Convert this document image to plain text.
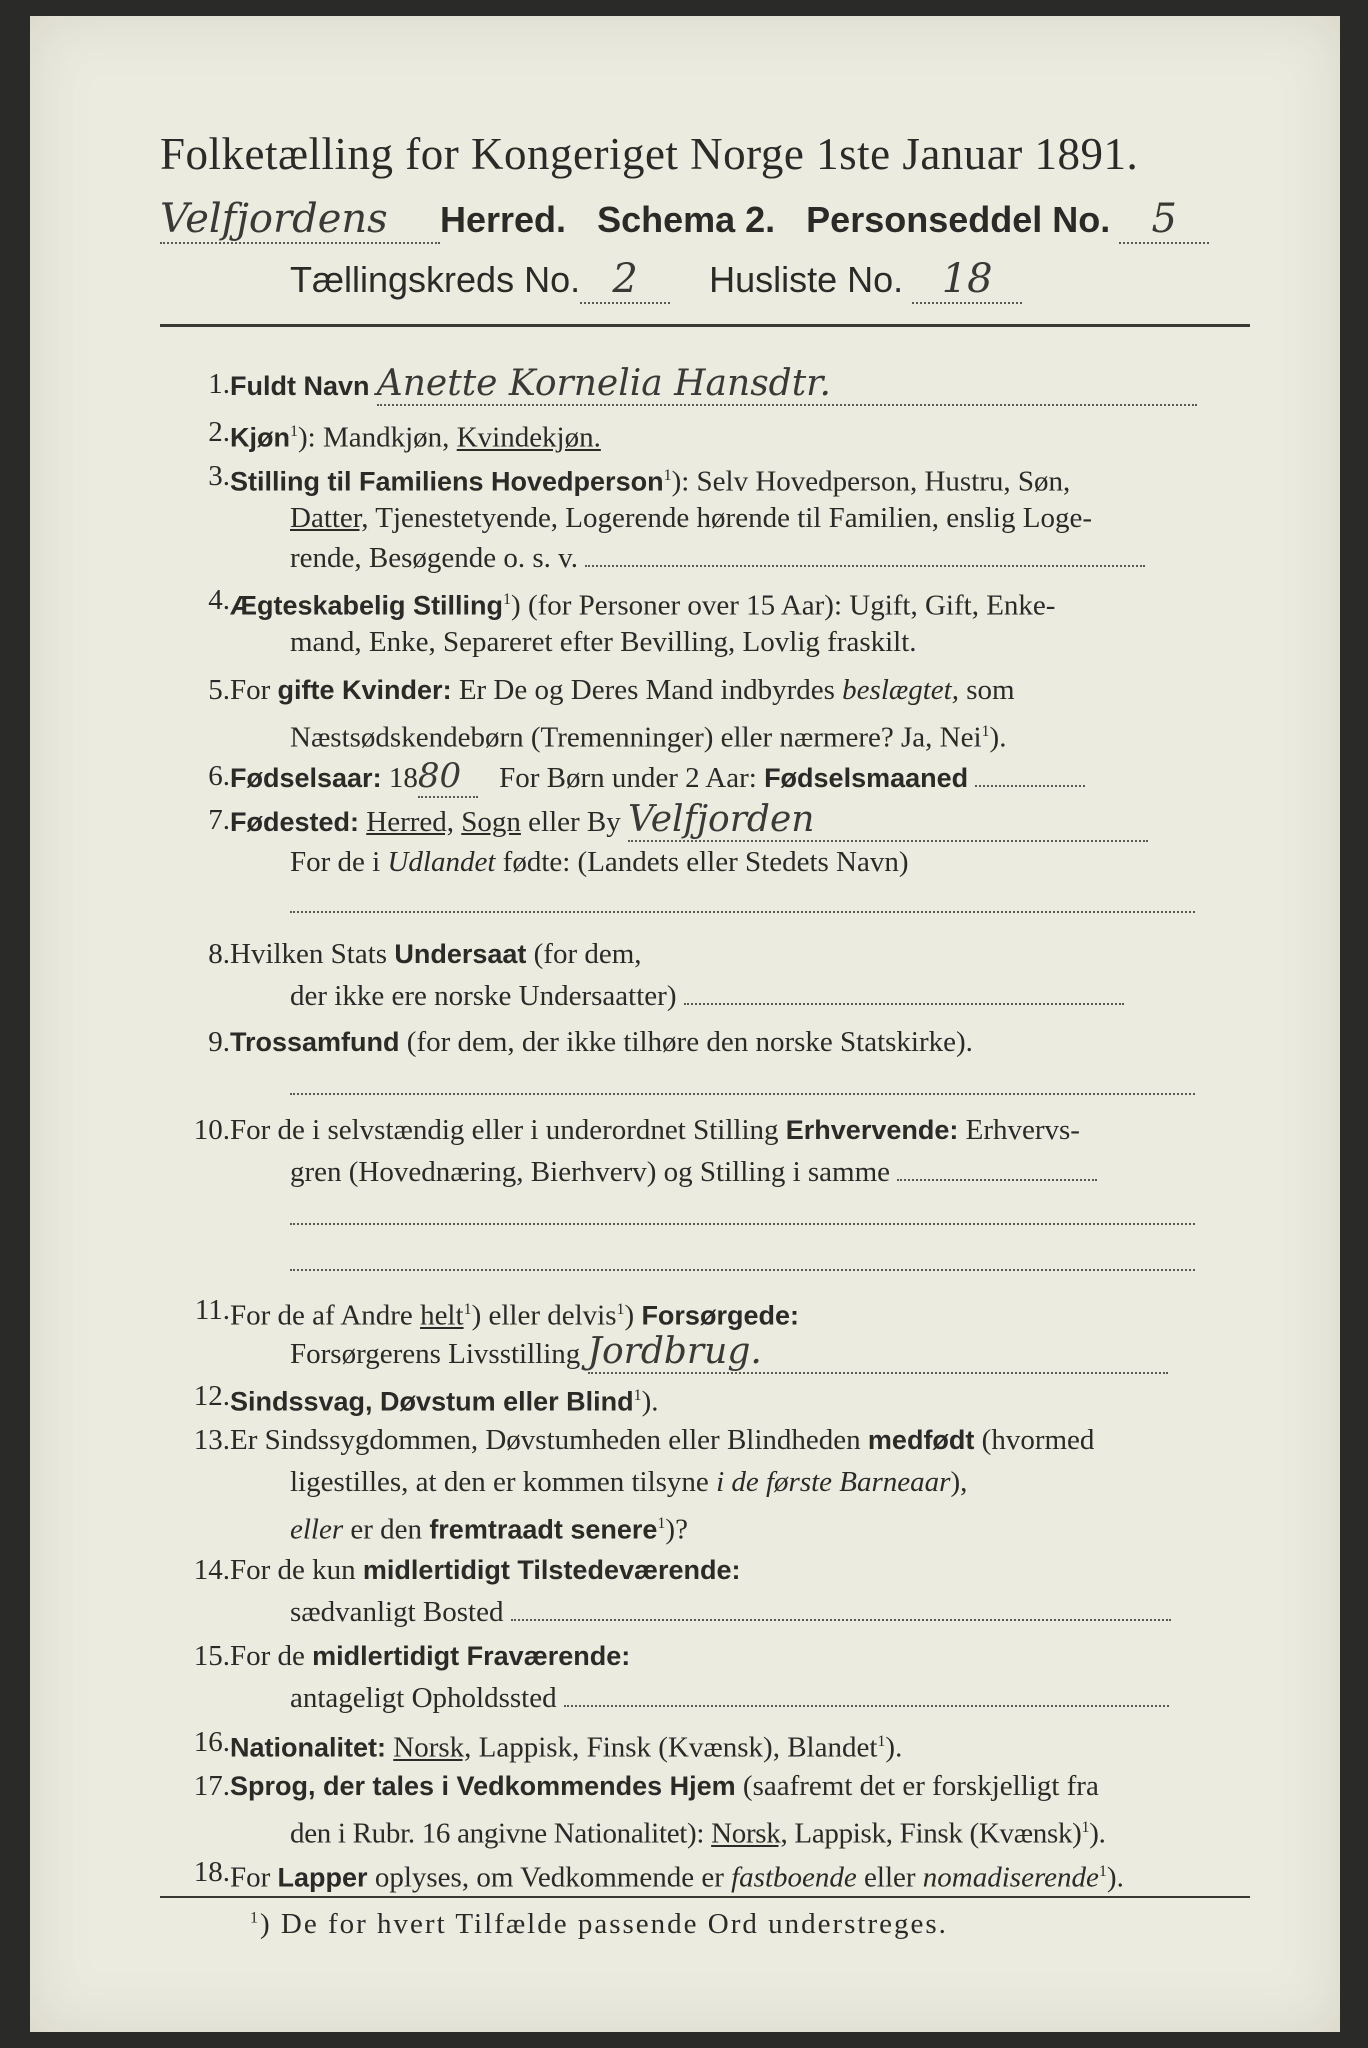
Folketælling for Kongeriget Norge 1ste Januar 1891.
Velfjordens Herred. Schema 2. Personseddel No. 5
Tællingskreds No. 2 Husliste No. 18
1. Fuldt Navn Anette Kornelia Hansdtr.
2. Kjøn$^1$): Mandkjøn, Kvindekjøn.
3. Stilling til Familiens Hovedperson$^1$): Selv Hovedperson, Hustru, Søn,
Datter, Tjenestetyende, Logerende hørende til Familien, enslig Loge-
rende, Besøgende o. s. v.
4. Ægteskabelig Stilling$^1$) (for Personer over 15 Aar): Ugift, Gift, Enke-
mand, Enke, Separeret efter Bevilling, Lovlig fraskilt.
5. For gifte Kvinder: Er De og Deres Mand indbyrdes beslægtet, som
Næstsødskendebørn (Tremenninger) eller nærmere? Ja, Nei$^1$).
6. Fødselsaar: 1880 For Børn under 2 Aar: Fødselsmaaned
7. Fødested: Herred, Sogn eller By Velfjorden
For de i Udlandet fødte: (Landets eller Stedets Navn)
8. Hvilken Stats Undersaat (for dem,
der ikke ere norske Undersaatter)
9. Trossamfund (for dem, der ikke tilhøre den norske Statskirke).
10. For de i selvstændig eller i underordnet Stilling Erhvervende: Erhvervs-
gren (Hovednæring, Bierhverv) og Stilling i samme
11. For de af Andre helt$^1$) eller delvis$^1$) Forsørgede:
Forsørgerens Livsstilling Jordbrug.
12. Sindssvag, Døvstum eller Blind$^1$).
13. Er Sindssygdommen, Døvstumheden eller Blindheden medfødt (hvormed
ligestilles, at den er kommen tilsyne i de første Barneaar),
eller er den fremtraadt senere$^1$)?
14. For de kun midlertidigt Tilstedeværende:
sædvanligt Bosted
15. For de midlertidigt Fraværende:
antageligt Opholdssted
16. Nationalitet: Norsk, Lappisk, Finsk (Kvænsk), Blandet$^1$).
17. Sprog, der tales i Vedkommendes Hjem (saafremt det er forskjelligt fra
den i Rubr. 16 angivne Nationalitet): Norsk, Lappisk, Finsk (Kvænsk)$^1$).
18. For Lapper oplyses, om Vedkommende er fastboende eller nomadiserende$^1$).
$^1$) De for hvert Tilfælde passende Ord understreges.
